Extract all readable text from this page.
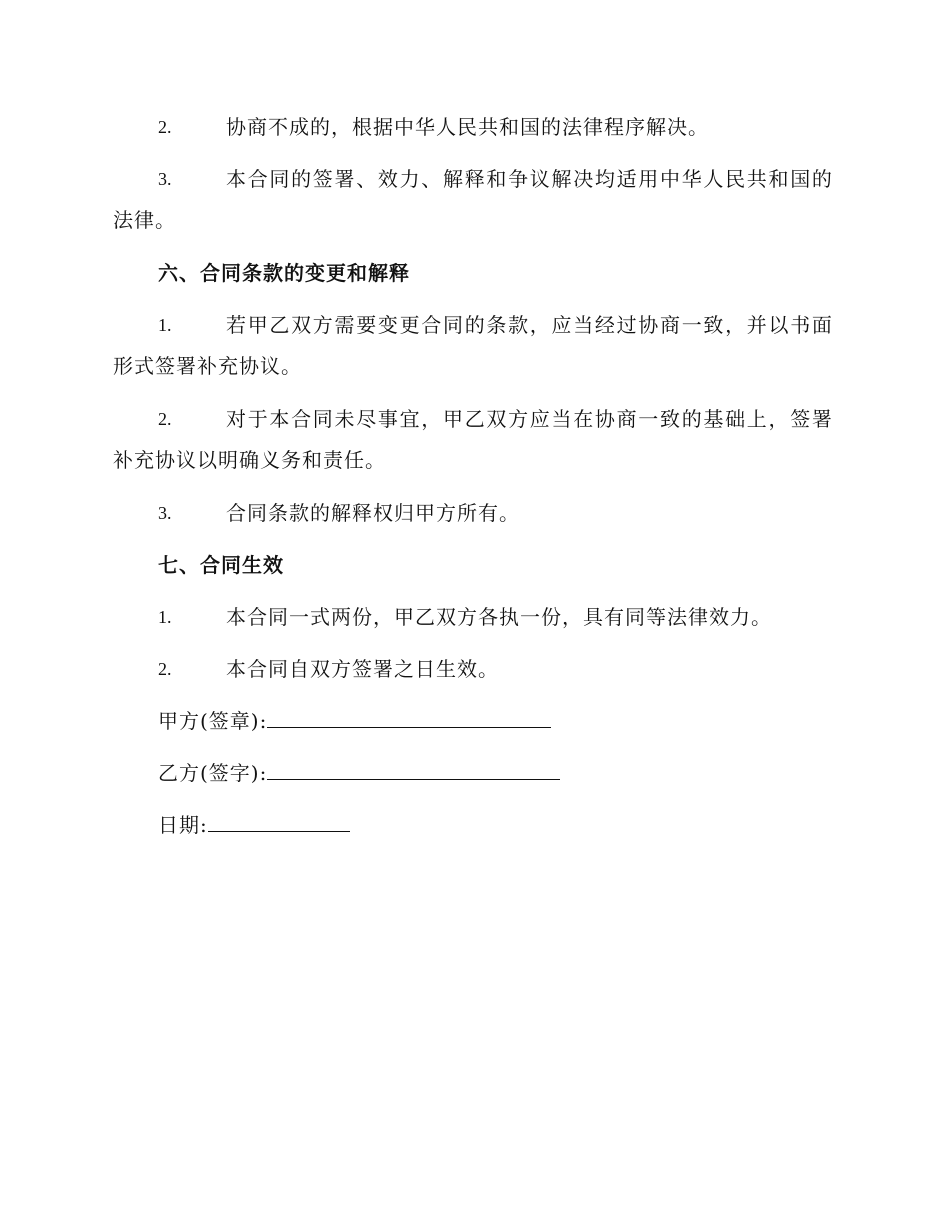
2.	协商不成的，根据中华人民共和国的法律程序解决。
3.	本合同的签署、效力、解释和争议解决均适用中华人民共和国的
法律。
六、合同条款的变更和解释
1.	若甲乙双方需要变更合同的条款，应当经过协商一致，并以书面
形式签署补充协议。
2.	对于本合同未尽事宜，甲乙双方应当在协商一致的基础上，签署
补充协议以明确义务和责任。
3.	合同条款的解释权归甲方所有。
七、合同生效
1.	本合同一式两份，甲乙双方各执一份，具有同等法律效力。
2.	本合同自双方签署之日生效。
甲方(签章):
乙方(签字):
日期:
